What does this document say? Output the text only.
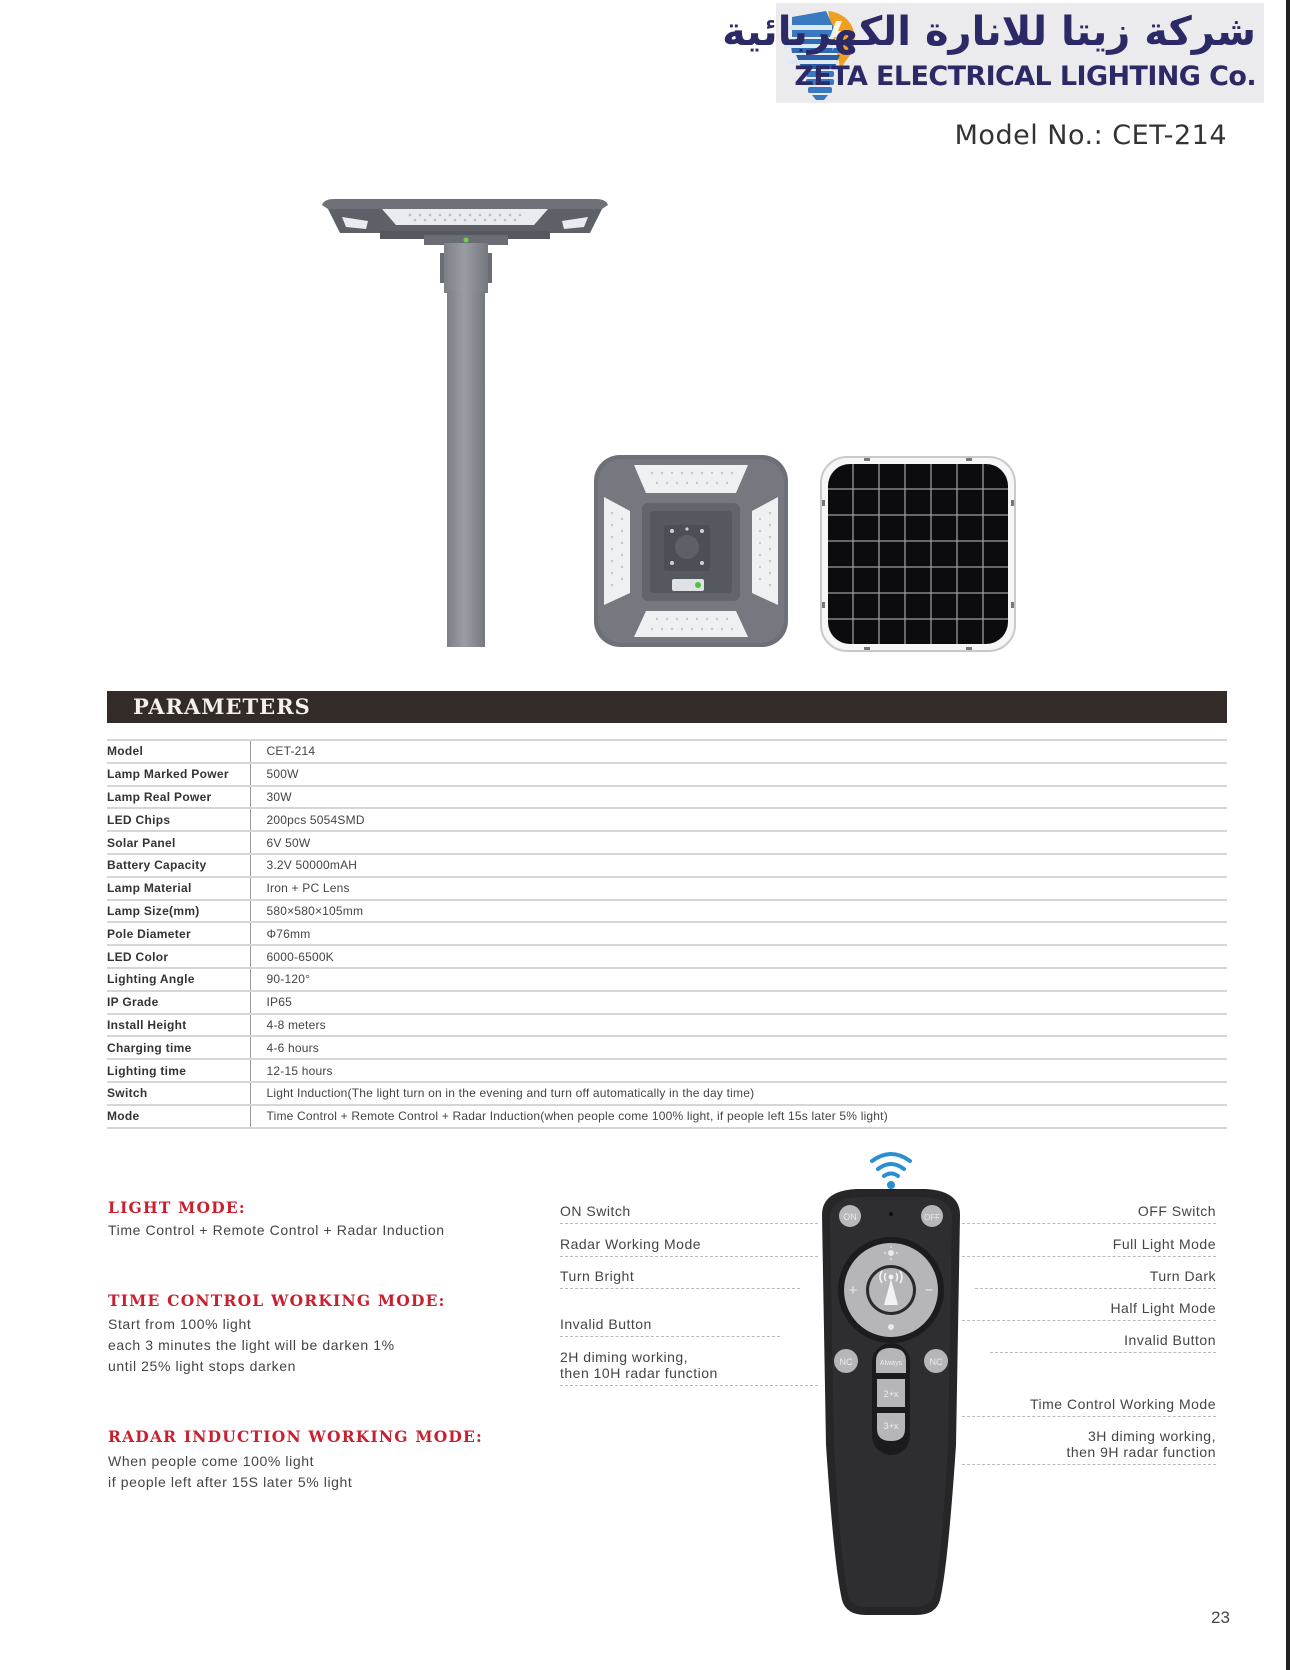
شركة زيتا للانارة الكهربائية
ZETA ELECTRICAL LIGHTING Co.
Model No.: CET-214
PARAMETERS
Model	CET-214
Lamp Marked Power	500W
Lamp Real Power	30W
LED Chips	200pcs 5054SMD
Solar Panel	6V 50W
Battery Capacity	3.2V 50000mAH
Lamp Material	Iron + PC Lens
Lamp Size(mm)	580×580×105mm
Pole Diameter	Φ76mm
LED Color	6000-6500K
Lighting Angle	90-120°
IP Grade	IP65
Install Height	4-8 meters
Charging time	4-6 hours
Lighting time	12-15 hours
Switch	Light Induction(The light turn on in the evening and turn off automatically in the day time)
Mode	Time Control + Remote Control + Radar Induction(when people come 100% light, if people left 15s later 5% light)
LIGHT MODE:
Time Control + Remote Control + Radar Induction
TIME CONTROL WORKING MODE:
Start from 100% light
each 3 minutes the light will be darken 1%
until 25% light stops darken
RADAR INDUCTION WORKING MODE:
When people come 100% light
if people left after 15S later 5% light
ON Switch
Radar Working Mode
Turn Bright
Invalid Button
2H diming working,
then 10H radar function
OFF Switch
Full Light Mode
Turn Dark
Half Light Mode
Invalid Button
Time Control Working Mode
3H diming working,
then 9H radar function
ON	OFF
+	−
NC	NC
Always
2+x
3+x
23
